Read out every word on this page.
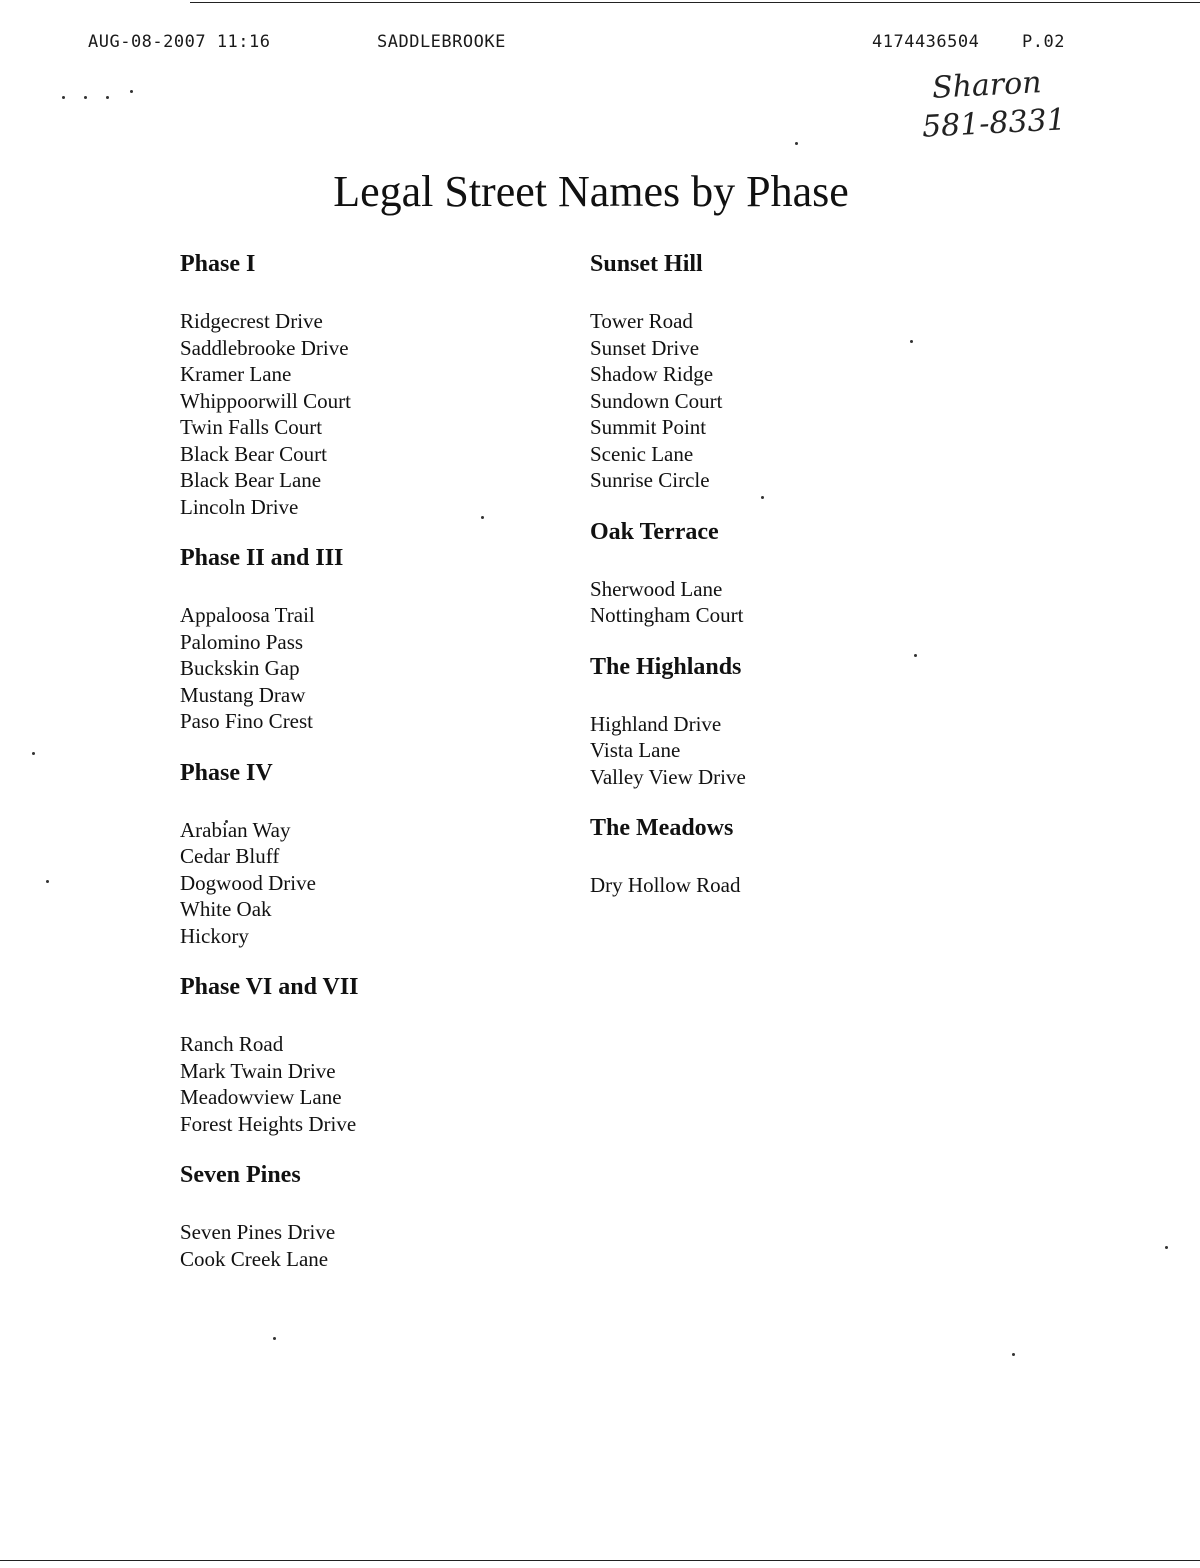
AUG-08-2007 11:16	SADDLEBROOKE	4174436504	P.02
Sharon
581-8331
Legal Street Names by Phase
Phase I
Ridgecrest Drive
Saddlebrooke Drive
Kramer Lane
Whippoorwill Court
Twin Falls Court
Black Bear Court
Black Bear Lane
Lincoln Drive
Phase II and III
Appaloosa Trail
Palomino Pass
Buckskin Gap
Mustang Draw
Paso Fino Crest
Phase IV
Arabian Way
Cedar Bluff
Dogwood Drive
White Oak
Hickory
Phase VI and VII
Ranch Road
Mark Twain Drive
Meadowview Lane
Forest Heights Drive
Seven Pines
Seven Pines Drive
Cook Creek Lane
Sunset Hill
Tower Road
Sunset Drive
Shadow Ridge
Sundown Court
Summit Point
Scenic Lane
Sunrise Circle
Oak Terrace
Sherwood Lane
Nottingham Court
The Highlands
Highland Drive
Vista Lane
Valley View Drive
The Meadows
Dry Hollow Road
